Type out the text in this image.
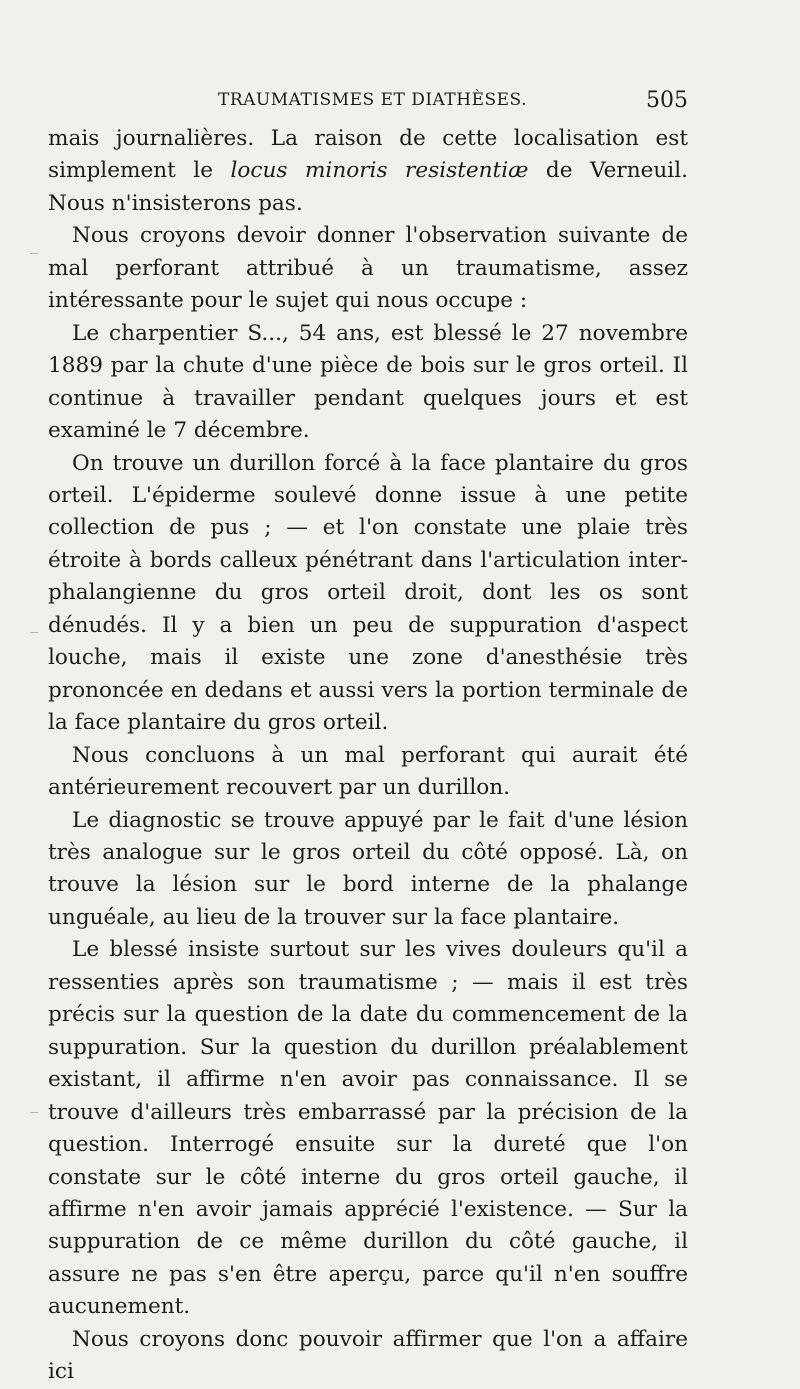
TRAUMATISMES ET DIATHÈSES.	505

mais journalières. La raison de cette localisation est simplement le locus minoris resistentiæ de Verneuil. Nous n'insisterons pas.

Nous croyons devoir donner l'observation suivante de mal perforant attribué à un traumatisme, assez intéressante pour le sujet qui nous occupe :

Le charpentier S..., 54 ans, est blessé le 27 novembre 1889 par la chute d'une pièce de bois sur le gros orteil. Il continue à travailler pendant quelques jours et est examiné le 7 décembre.

On trouve un durillon forcé à la face plantaire du gros orteil. L'épiderme soulevé donne issue à une petite collection de pus ; — et l'on constate une plaie très étroite à bords calleux pénétrant dans l'articulation inter-phalangienne du gros orteil droit, dont les os sont dénudés. Il y a bien un peu de suppuration d'aspect louche, mais il existe une zone d'anesthésie très prononcée en dedans et aussi vers la portion terminale de la face plantaire du gros orteil.

Nous concluons à un mal perforant qui aurait été antérieurement recouvert par un durillon.

Le diagnostic se trouve appuyé par le fait d'une lésion très analogue sur le gros orteil du côté opposé. Là, on trouve la lésion sur le bord interne de la phalange unguéale, au lieu de la trouver sur la face plantaire.

Le blessé insiste surtout sur les vives douleurs qu'il a ressenties après son traumatisme ; — mais il est très précis sur la question de la date du commencement de la suppuration. Sur la question du durillon préalablement existant, il affirme n'en avoir pas connaissance. Il se trouve d'ailleurs très embarrassé par la précision de la question. Interrogé ensuite sur la dureté que l'on constate sur le côté interne du gros orteil gauche, il affirme n'en avoir jamais apprécié l'existence. — Sur la suppuration de ce même durillon du côté gauche, il assure ne pas s'en être aperçu, parce qu'il n'en souffre aucunement.

Nous croyons donc pouvoir affirmer que l'on a affaire ici
